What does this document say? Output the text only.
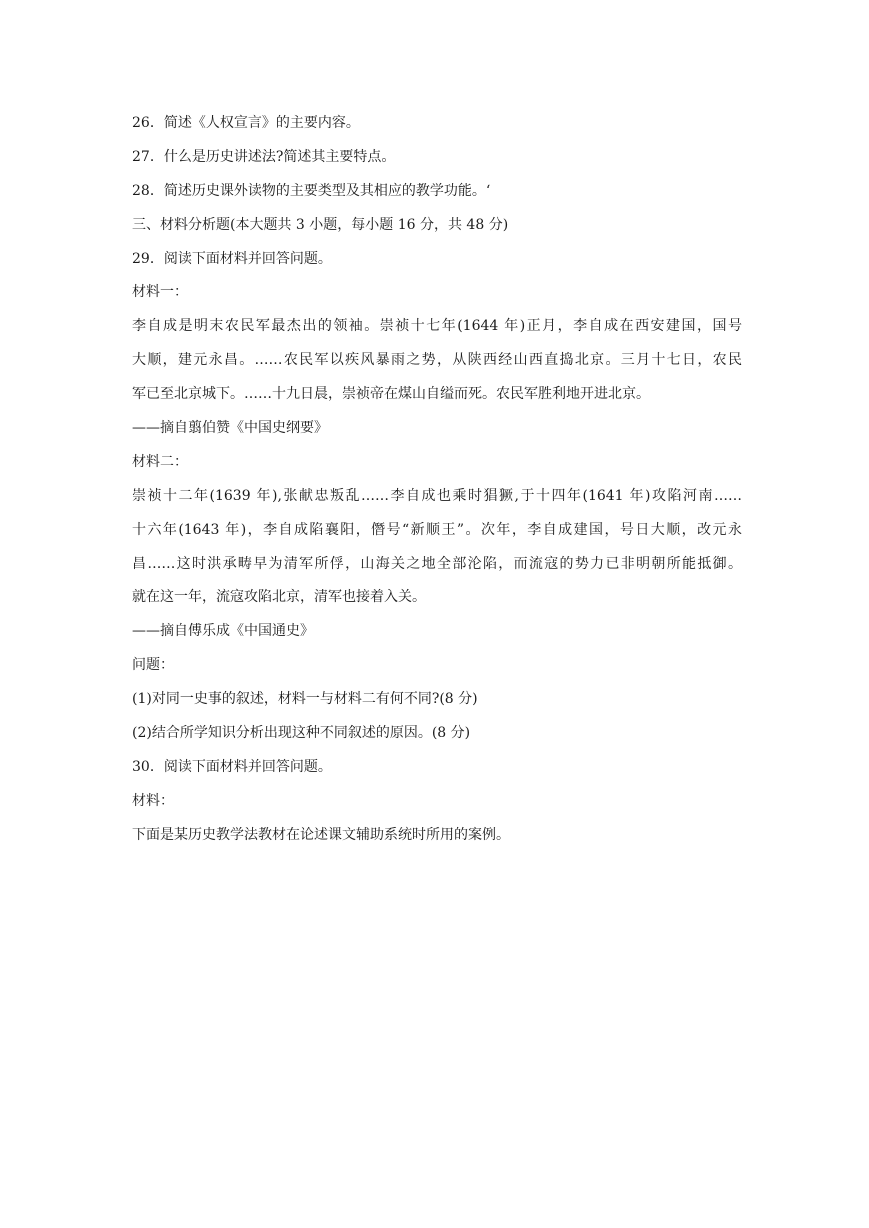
26．简述《人权宣言》的主要内容。
27．什么是历史讲述法?简述其主要特点。
28．简述历史课外读物的主要类型及其相应的教学功能。‘
三、材料分析题(本大题共 3 小题，每小题 16 分，共 48 分)
29．阅读下面材料并回答问题。
材料一：
李自成是明末农民军最杰出的领袖。崇祯十七年(1644 年)正月，李自成在西安建国，国号
大顺，建元永昌。……农民军以疾风暴雨之势，从陕西经山西直捣北京。三月十七日，农民
军已至北京城下。……十九日晨，崇祯帝在煤山自缢而死。农民军胜利地开进北京。
——摘自翦伯赞《中国史纲要》
材料二：
崇祯十二年(1639 年),张献忠叛乱……李自成也乘时猖獗,于十四年(1641 年)攻陷河南……
十六年(1643 年)，李自成陷襄阳，僭号“新顺王”。次年，李自成建国，号日大顺，改元永
昌……这时洪承畴早为清军所俘，山海关之地全部沦陷，而流寇的势力已非明朝所能抵御。
就在这一年，流寇攻陷北京，清军也接着入关。
——摘自傅乐成《中国通史》
问题：
(1)对同一史事的叙述，材料一与材料二有何不同?(8 分)
(2)结合所学知识分析出现这种不同叙述的原因。(8 分)
30．阅读下面材料并回答问题。
材料：
下面是某历史教学法教材在论述课文辅助系统时所用的案例。
